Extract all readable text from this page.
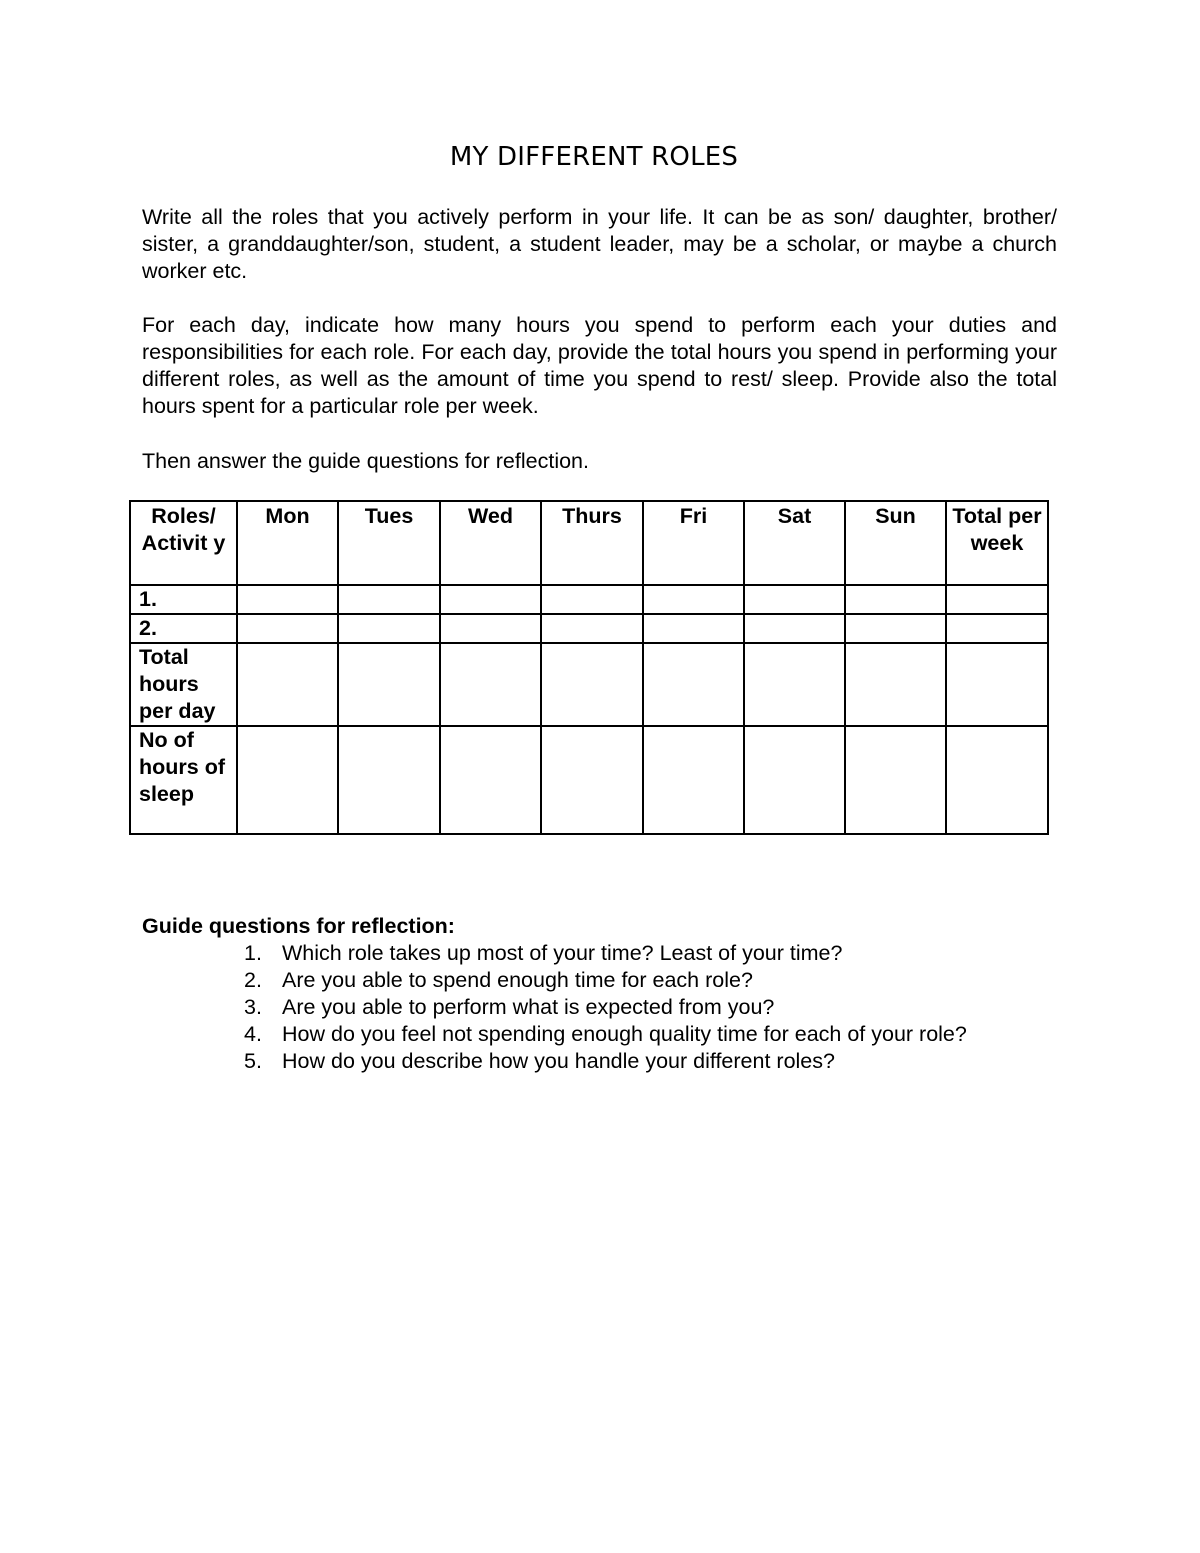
MY DIFFERENT ROLES

Write all the roles that you actively perform in your life. It can be as son/ daughter, brother/ sister, a granddaughter/son, student, a student leader, may be a scholar, or maybe a church worker etc.

For each day, indicate how many hours you spend to perform each your duties and responsibilities for each role. For each day, provide the total hours you spend in performing your different roles, as well as the amount of time you spend to rest/ sleep. Provide also the total hours spent for a particular role per week.

Then answer the guide questions for reflection.

Roles/ Activit y	Mon	Tues	Wed	Thurs	Fri	Sat	Sun	Total per week
1.								
2.								
Total hours per day								
No of hours of sleep								
Guide questions for reflection:
1. Which role takes up most of your time? Least of your time?
2. Are you able to spend enough time for each role?
3. Are you able to perform what is expected from you?
4. How do you feel not spending enough quality time for each of your role?
5. How do you describe how you handle your different roles?
